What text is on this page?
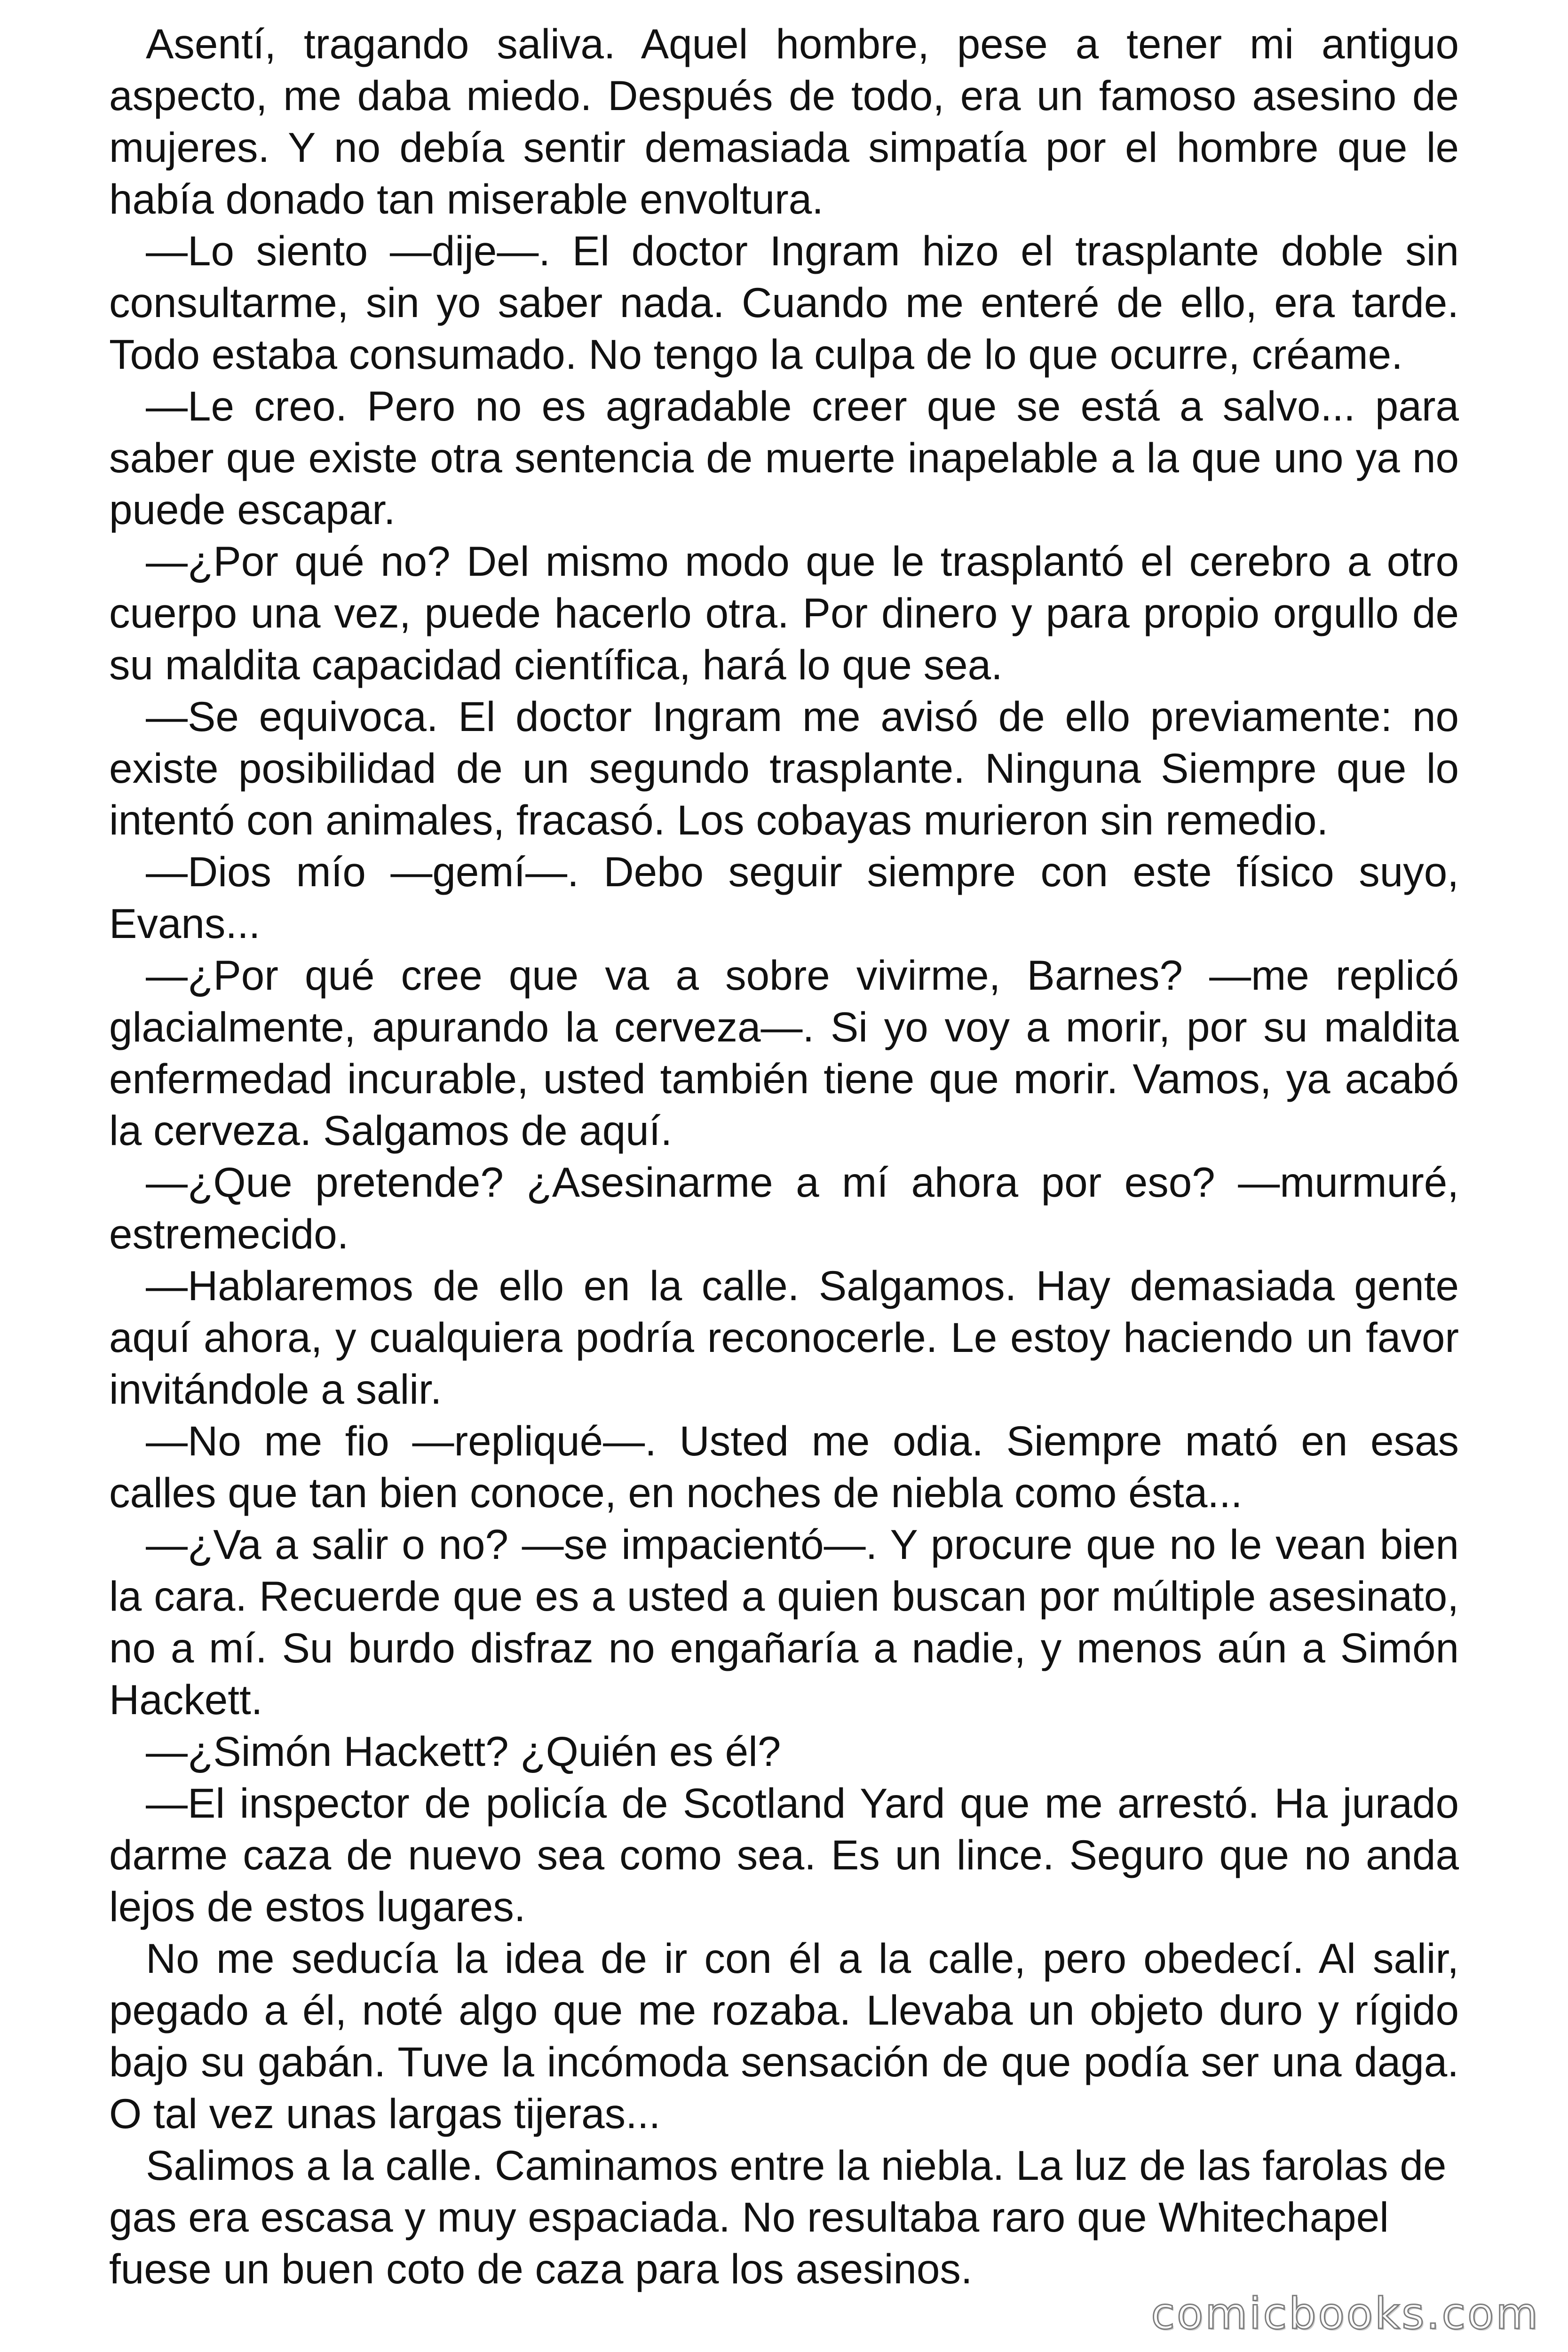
Asentí, tragando saliva. Aquel hombre, pese a tener mi antiguo aspecto, me daba miedo. Después de todo, era un famoso asesino de mujeres. Y no debía sentir demasiada simpatía por el hombre que le había donado tan miserable envoltura.

—Lo siento —dije—. El doctor Ingram hizo el trasplante doble sin consultarme, sin yo saber nada. Cuando me enteré de ello, era tarde. Todo estaba consumado. No tengo la culpa de lo que ocurre, créame.

—Le creo. Pero no es agradable creer que se está a salvo... para saber que existe otra sentencia de muerte inapelable a la que uno ya no puede escapar.

—¿Por qué no? Del mismo modo que le trasplantó el cerebro a otro cuerpo una vez, puede hacerlo otra. Por dinero y para propio orgullo de su maldita capacidad científica, hará lo que sea.

—Se equivoca. El doctor Ingram me avisó de ello previamente: no existe posibilidad de un segundo trasplante. Ninguna Siempre que lo intentó con animales, fracasó. Los cobayas murieron sin remedio.

—Dios mío —gemí—. Debo seguir siempre con este físico suyo, Evans...

—¿Por qué cree que va a sobre vivirme, Barnes? —me replicó glacialmente, apurando la cerveza—. Si yo voy a morir, por su maldita enfermedad incurable, usted también tiene que morir. Vamos, ya acabó la cerveza. Salgamos de aquí.

—¿Que pretende? ¿Asesinarme a mí ahora por eso? —murmuré, estremecido.

—Hablaremos de ello en la calle. Salgamos. Hay demasiada gente aquí ahora, y cualquiera podría reconocerle. Le estoy haciendo un favor invitándole a salir.

—No me fio —repliqué—. Usted me odia. Siempre mató en esas calles que tan bien conoce, en noches de niebla como ésta...

—¿Va a salir o no? —se impacientó—. Y procure que no le vean bien la cara. Recuerde que es a usted a quien buscan por múltiple asesinato, no a mí. Su burdo disfraz no engañaría a nadie, y menos aún a Simón Hackett.

—¿Simón Hackett? ¿Quién es él?

—El inspector de policía de Scotland Yard que me arrestó. Ha jurado darme caza de nuevo sea como sea. Es un lince. Seguro que no anda lejos de estos lugares.

No me seducía la idea de ir con él a la calle, pero obedecí. Al salir, pegado a él, noté algo que me rozaba. Llevaba un objeto duro y rígido bajo su gabán. Tuve la incómoda sensación de que podía ser una daga. O tal vez unas largas tijeras...

Salimos a la calle. Caminamos entre la niebla. La luz de las farolas de gas era escasa y muy espaciada. No resultaba raro que Whitechapel fuese un buen coto de caza para los asesinos.

comicbooks.com
